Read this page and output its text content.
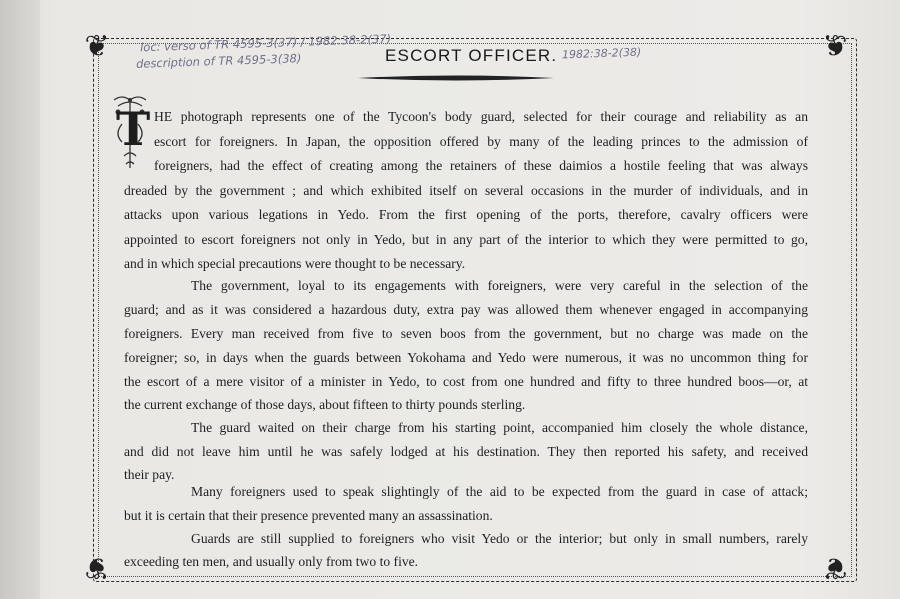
❦	❦
❦	❦
loc: verso of TR 4595-3(37) / 1982:38-2(37)
description of TR 4595-3(38)	1982:38-2(38)
ESCORT OFFICER.
T HE photograph represents one of the Tycoon's body guard, selected for their courage and reliability as an
escort for foreigners. In Japan, the opposition offered by many of the leading princes to the admission of
foreigners, had the effect of creating among the retainers of these daimios a hostile feeling that was always
dreaded by the government ; and which exhibited itself on several occasions in the murder of individuals, and in
attacks upon various legations in Yedo. From the first opening of the ports, therefore, cavalry officers were
appointed to escort foreigners not only in Yedo, but in any part of the interior to which they were permitted to go,
and in which special precautions were thought to be necessary.
The government, loyal to its engagements with foreigners, were very careful in the selection of the
guard; and as it was considered a hazardous duty, extra pay was allowed them whenever engaged in accompanying
foreigners. Every man received from five to seven boos from the government, but no charge was made on the
foreigner; so, in days when the guards between Yokohama and Yedo were numerous, it was no uncommon thing for
the escort of a mere visitor of a minister in Yedo, to cost from one hundred and fifty to three hundred boos—or, at
the current exchange of those days, about fifteen to thirty pounds sterling.
The guard waited on their charge from his starting point, accompanied him closely the whole distance,
and did not leave him until he was safely lodged at his destination. They then reported his safety, and received
their pay.
Many foreigners used to speak slightingly of the aid to be expected from the guard in case of attack;
but it is certain that their presence prevented many an assassination.
Guards are still supplied to foreigners who visit Yedo or the interior; but only in small numbers, rarely
exceeding ten men, and usually only from two to five.
